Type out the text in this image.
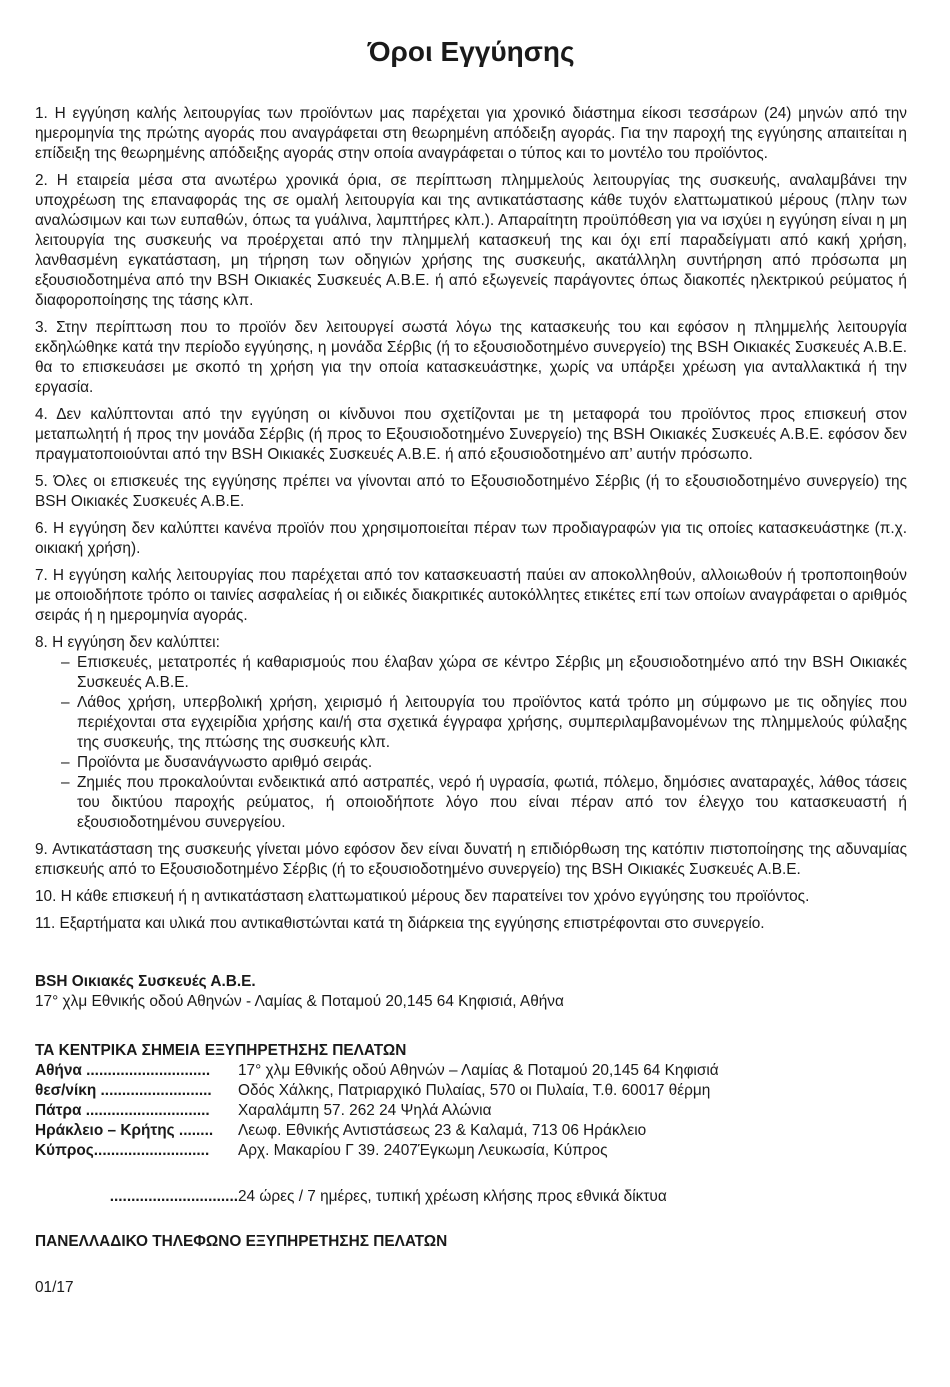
Όροι Εγγύησης

1. Η εγγύηση καλής λειτουργίας των προϊόντων μας παρέχεται για χρονικό διάστημα είκοσι τεσσάρων (24) μηνών από την ημερομηνία της πρώτης αγοράς που αναγράφεται στη θεωρημένη απόδειξη αγοράς. Για την παροχή της εγγύησης απαιτείται η επίδειξη της θεωρημένης απόδειξης αγοράς στην οποία αναγράφεται ο τύπος και το μοντέλο του προϊόντος.

2. Η εταιρεία μέσα στα ανωτέρω χρονικά όρια, σε περίπτωση πλημμελούς λειτουργίας της συσκευής, αναλαμβάνει την υποχρέωση της επαναφοράς της σε ομαλή λειτουργία και της αντικατάστασης κάθε τυχόν ελαττωματικού μέρους (πλην των αναλώσιμων και των ευπαθών, όπως τα γυάλινα, λαμπτήρες κλπ.). Απαραίτητη προϋπόθεση για να ισχύει η εγγύηση είναι η μη λειτουργία της συσκευής να προέρχεται από την πλημμελή κατασκευή της και όχι επί παραδείγματι από κακή χρήση, λανθασμένη εγκατάσταση, μη τήρηση των οδηγιών χρήσης της συσκευής, ακατάλληλη συντήρηση από πρόσωπα μη εξουσιοδοτημένα από την BSH Οικιακές Συσκευές Α.Β.Ε. ή από εξωγενείς παράγοντες όπως διακοπές ηλεκτρικού ρεύματος ή διαφοροποίησης της τάσης κλπ.

3. Στην περίπτωση που το προϊόν δεν λειτουργεί σωστά λόγω της κατασκευής του και εφόσον η πλημμελής λειτουργία εκδηλώθηκε κατά την περίοδο εγγύησης, η μονάδα Σέρβις (ή το εξουσιοδοτημένο συνεργείο) της BSH Οικιακές Συσκευές Α.Β.Ε. θα το επισκευάσει με σκοπό τη χρήση για την οποία κατασκευάστηκε, χωρίς να υπάρξει χρέωση για ανταλλακτικά ή την εργασία.

4. Δεν καλύπτονται από την εγγύηση οι κίνδυνοι που σχετίζονται με τη μεταφορά του προϊόντος προς επισκευή στον μεταπωλητή ή προς την μονάδα Σέρβις (ή προς το Εξουσιοδοτημένο Συνεργείο) της BSH Οικιακές Συσκευές Α.Β.Ε. εφόσον δεν πραγματοποιούνται από την BSH Οικιακές Συσκευές Α.Β.Ε. ή από εξουσιοδοτημένο απ’ αυτήν πρόσωπο.

5. Όλες οι επισκευές της εγγύησης πρέπει να γίνονται από το Εξουσιοδοτημένο Σέρβις (ή το εξουσιοδοτημένο συνεργείο) της BSH Οικιακές Συσκευές Α.Β.Ε.

6. Η εγγύηση δεν καλύπτει κανένα προϊόν που χρησιμοποιείται πέραν των προδιαγραφών για τις οποίες κατασκευάστηκε (π.χ. οικιακή χρήση).

7. Η εγγύηση καλής λειτουργίας που παρέχεται από τον κατασκευαστή παύει αν αποκολληθούν, αλλοιωθούν ή τροποποιηθούν με οποιοδήποτε τρόπο οι ταινίες ασφαλείας ή οι ειδικές διακριτικές αυτοκόλλητες ετικέτες επί των οποίων αναγράφεται ο αριθμός σειράς ή η ημερομηνία αγοράς.

8. Η εγγύηση δεν καλύπτει:

– Επισκευές, μετατροπές ή καθαρισμούς που έλαβαν χώρα σε κέντρο Σέρβις μη εξουσιοδοτημένο από την BSH Οικιακές Συσκευές Α.Β.Ε.
– Λάθος χρήση, υπερβολική χρήση, χειρισμό ή λειτουργία του προϊόντος κατά τρόπο μη σύμφωνο με τις οδηγίες που περιέχονται στα εγχειρίδια χρήσης και/ή στα σχετικά έγγραφα χρήσης, συμπεριλαμβανομένων της πλημμελούς φύλαξης της συσκευής, της πτώσης της συσκευής κλπ.
– Προϊόντα με δυσανάγνωστο αριθμό σειράς.
– Ζημιές που προκαλούνται ενδεικτικά από αστραπές, νερό ή υγρασία, φωτιά, πόλεμο, δημόσιες αναταραχές, λάθος τάσεις του δικτύου παροχής ρεύματος, ή οποιοδήποτε λόγο που είναι πέραν από τον έλεγχο του κατασκευαστή ή εξουσιοδοτημένου συνεργείου.

9. Αντικατάσταση της συσκευής γίνεται μόνο εφόσον δεν είναι δυνατή η επιδιόρθωση της κατόπιν πιστοποίησης της αδυναμίας επισκευής από το Εξουσιοδοτημένο Σέρβις (ή το εξουσιοδοτημένο συνεργείο) της BSH Οικιακές Συσκευές Α.Β.Ε.

10. Η κάθε επισκευή ή η αντικατάσταση ελαττωματικού μέρους δεν παρατείνει τον χρόνο εγγύησης του προϊόντος.

11. Εξαρτήματα και υλικά που αντικαθιστώνται κατά τη διάρκεια της εγγύησης επιστρέφονται στο συνεργείο.

BSH Οικιακές Συσκευές Α.Β.Ε.
17° χλμ Εθνικής οδού Αθηνών - Λαμίας & Ποταμού 20,145 64 Κηφισιά, Αθήνα
ΤΑ ΚΕΝΤΡΙΚΑ ΣΗΜΕΙΑ ΕΞΥΠΗΡΕΤΗΣΗΣ ΠΕΛΑΤΩΝ
Αθήνα .............................	17° χλμ Εθνικής οδού Αθηνών – Λαμίας & Ποταμού 20,145 64 Κηφισιά
θεσ/νίκη ..........................	Οδός Χάλκης, Πατριαρχικό Πυλαίας, 570 οι Πυλαία, Τ.θ. 60017 θέρμη
Πάτρα .............................	Χαραλάμπη 57. 262 24 Ψηλά Αλώνια
Ηράκλειο – Κρήτης ........	Λεωφ. Εθνικής Αντιστάσεως 23 & Καλαμά, 713 06 Ηράκλειο
Κύπρος...........................	Αρχ. Μακαρίου Γ 39. 2407Έγκωμη Λευκωσία, Κύπρος
.............................. 24 ώρες / 7 ημέρες, τυπική χρέωση κλήσης προς εθνικά δίκτυα
ΠΑΝΕΛΛΑΔΙΚΟ ΤΗΛΕΦΩΝΟ ΕΞΥΠΗΡΕΤΗΣΗΣ ΠΕΛΑΤΩΝ
01/17
